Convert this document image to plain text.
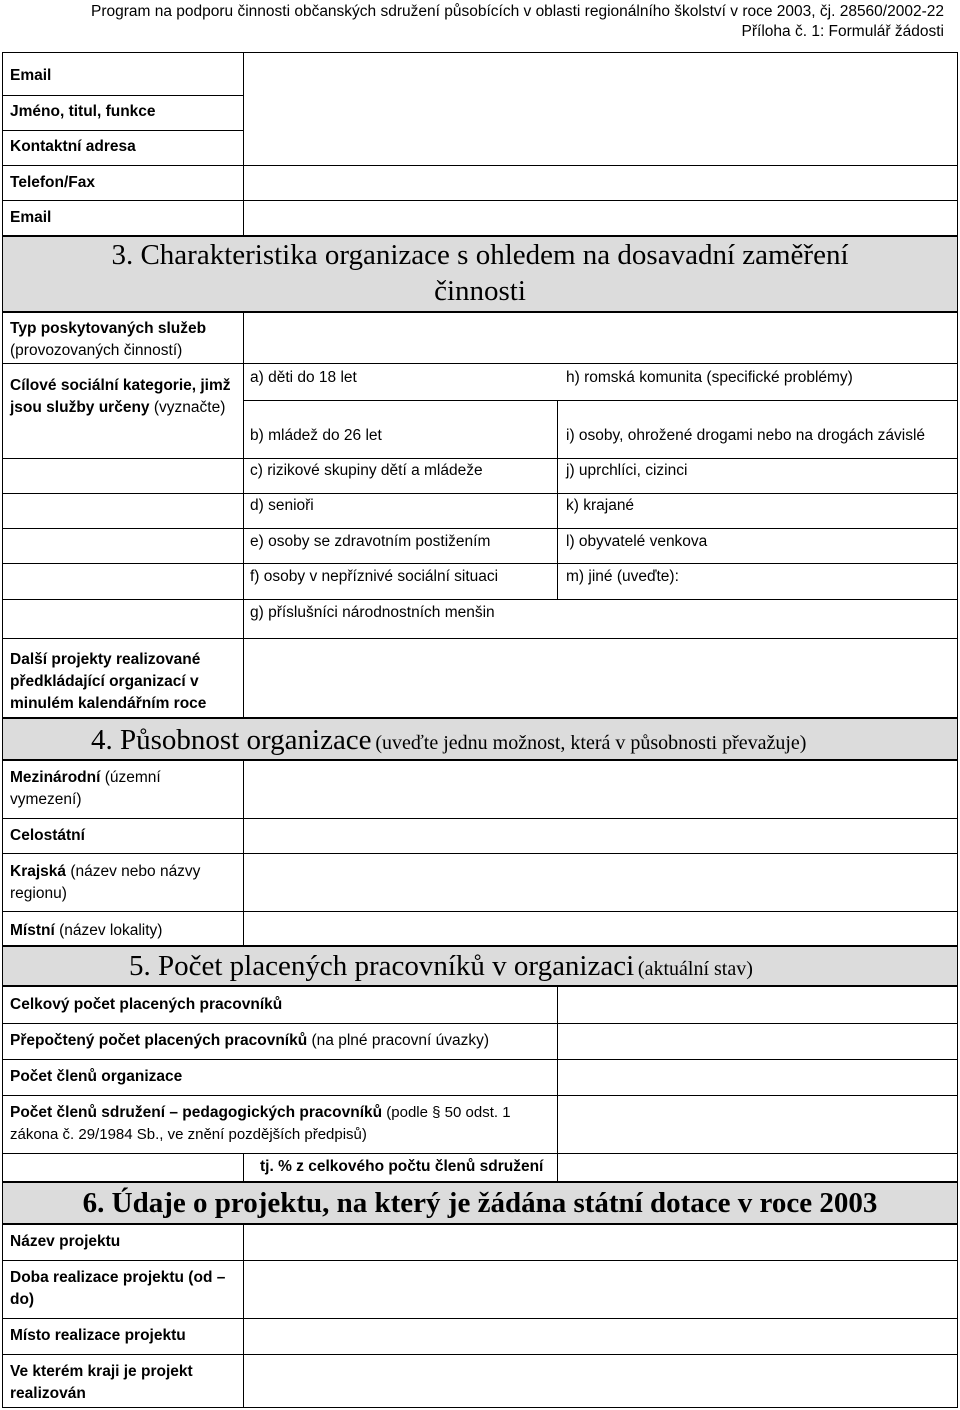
Program na podporu činnosti občanských sdružení působících v oblasti regionálního školství v roce 2003, čj. 28560/2002-22
Příloha č. 1: Formulář žádosti
Email
Jméno, titul, funkce
Kontaktní adresa
Telefon/Fax
Email
3. Charakteristika organizace s ohledem na dosavadní zaměření
činnosti
Typ poskytovaných služeb
(provozovaných činností)
Cílové sociální kategorie, jimž jsou služby určeny (vyznačte)
a) děti do 18 let
b) mládež do 26 let
c) rizikové skupiny dětí a mládeže
d) senioři
e) osoby se zdravotním postižením
f) osoby v nepříznivé sociální situaci
g) příslušníci národnostních menšin
h) romská komunita (specifické problémy)
i) osoby, ohrožené drogami nebo na drogách závislé
j) uprchlíci, cizinci
k) krajané
l) obyvatelé venkova
m) jiné (uveďte):
Další projekty realizované předkládající organizací v minulém kalendářním roce
4. Působnost organizace (uveďte jednu možnost, která v působnosti převažuje)
Mezinárodní (územní vymezení)
Celostátní
Krajská (název nebo názvy regionu)
Místní (název lokality)
5. Počet placených pracovníků v organizaci (aktuální stav)
Celkový počet placených pracovníků
Přepočtený počet placených pracovníků (na plné pracovní úvazky)
Počet členů organizace
Počet členů sdružení – pedagogických pracovníků (podle § 50 odst. 1 zákona č. 29/1984 Sb., ve znění pozdějších předpisů)
tj. % z celkového počtu členů sdružení
6. Údaje o projektu, na který je žádána státní dotace v roce 2003
Název projektu
Doba realizace projektu (od – do)
Místo realizace projektu
Ve kterém kraji je projekt realizován
